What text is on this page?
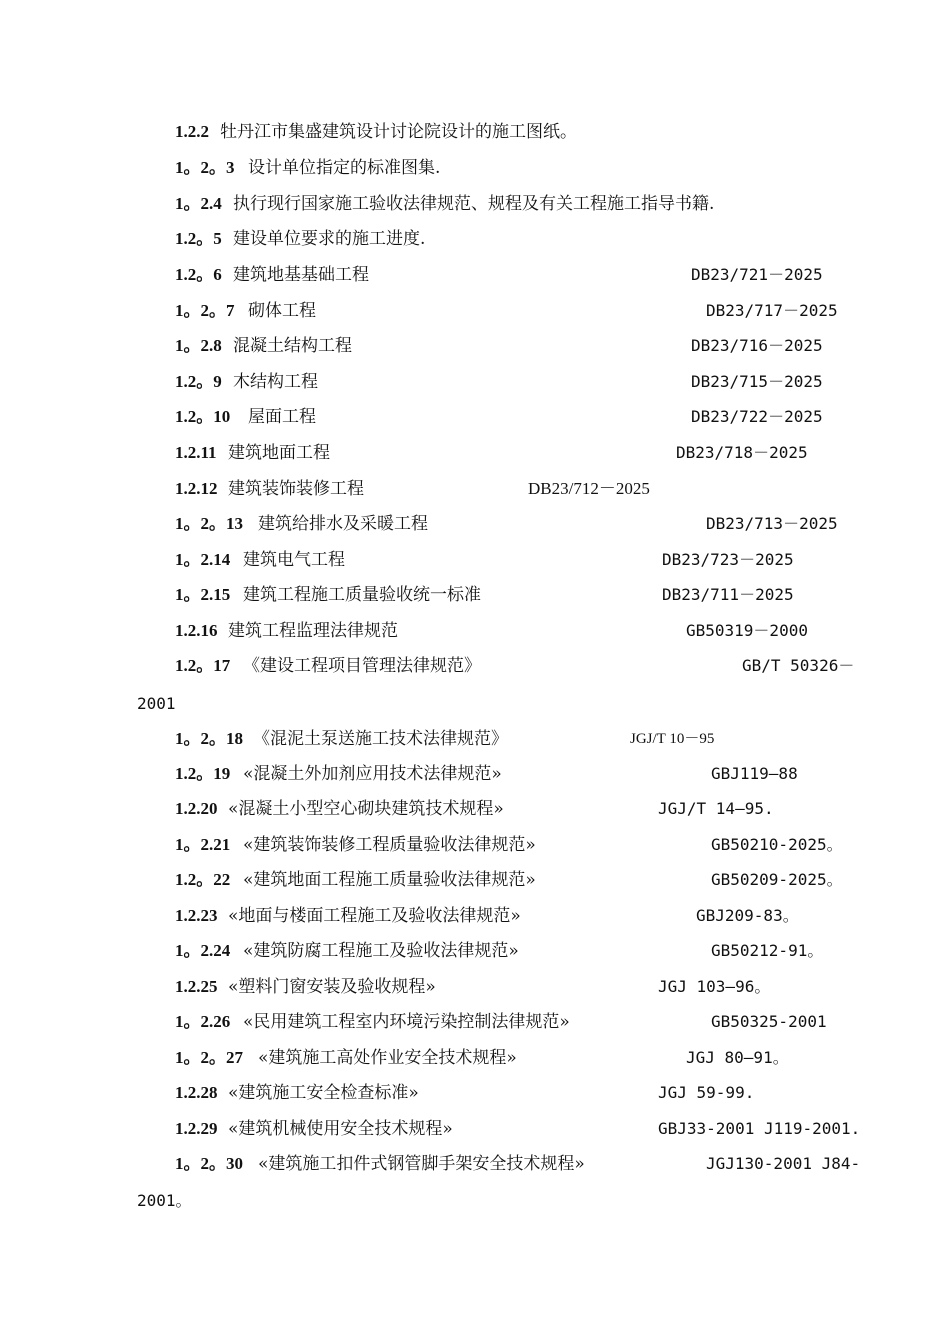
1.2.2 牡丹江市集盛建筑设计讨论院设计的施工图纸。
1。2。3 设计单位指定的标准图集.
1。2.4 执行现行国家施工验收法律规范、规程及有关工程施工指导书籍.
1.2。5 建设单位要求的施工进度.
1.2。6 建筑地基基础工程	DB23/721－2025
1。2。7 砌体工程	DB23/717－2025
1。2.8 混凝土结构工程	DB23/716－2025
1.2。9 木结构工程	DB23/715－2025
1.2。10 屋面工程	DB23/722－2025
1.2.11 建筑地面工程	DB23/718－2025
1.2.12 建筑装饰装修工程	DB23/712－2025
1。2。13 建筑给排水及采暖工程	DB23/713－2025
1。2.14 建筑电气工程	DB23/723－2025
1。2.15 建筑工程施工质量验收统一标准	DB23/711－2025
1.2.16 建筑工程监理法律规范	GB50319－2000
1.2。17 《建设工程项目管理法律规范》	GB/T 50326－
2001
1。2。18 《混泥土泵送施工技术法律规范》	JGJ/T 10－95
1.2。19 «混凝土外加剂应用技术法律规范»	GBJ119—88
1.2.20 «混凝土小型空心砌块建筑技术规程»	JGJ/T 14—95.
1。2.21 «建筑装饰装修工程质量验收法律规范»	GB50210-2025。
1.2。22 «建筑地面工程施工质量验收法律规范»	GB50209-2025。
1.2.23 «地面与楼面工程施工及验收法律规范»	GBJ209-83。
1。2.24 «建筑防腐工程施工及验收法律规范»	GB50212-91。
1.2.25 «塑料门窗安装及验收规程»	JGJ 103—96。
1。2.26 «民用建筑工程室内环境污染控制法律规范»	GB50325-2001
1。2。27 «建筑施工高处作业安全技术规程»	JGJ 80—91。
1.2.28 «建筑施工安全检查标准»	JGJ 59-99.
1.2.29 «建筑机械使用安全技术规程»	GBJ33-2001 J119-2001.
1。2。30 «建筑施工扣件式钢管脚手架安全技术规程»	JGJ130-2001 J84-
2001。
